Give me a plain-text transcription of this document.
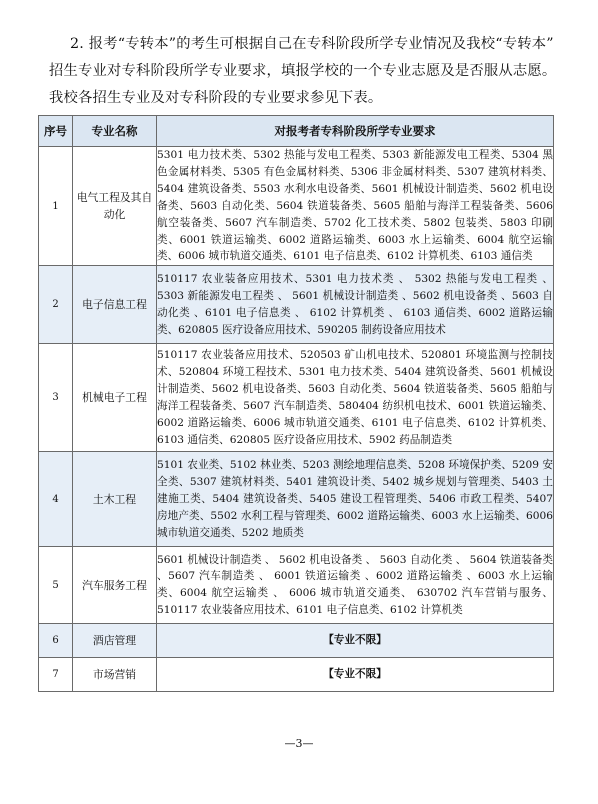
2. 报考“专转本”的考生可根据自己在专科阶段所学专业情况及我校“专转本”
招生专业对专科阶段所学专业要求，填报学校的一个专业志愿及是否服从志愿。
我校各招生专业及对专科阶段的专业要求参见下表。
序号	专业名称	对报考者专科阶段所学专业要求
1	电气工程及其自动化	5301 电力技术类、5302 热能与发电工程类、5303 新能源发电工程类、5304 黑色金属材料类、5305 有色金属材料类、5306 非金属材料类、5307 建筑材料类、5404 建筑设备类、5503 水利水电设备类、5601 机械设计制造类、5602 机电设备类、5603 自动化类、5604 铁道装备类、5605 船舶与海洋工程装备类、5606 航空装备类、5607 汽车制造类、5702 化工技术类、5802 包装类、5803 印刷类、6001 铁道运输类、6002 道路运输类、6003 水上运输类、6004 航空运输类、6006 城市轨道交通类、6101 电子信息类、6102 计算机类、6103 通信类
2	电子信息工程	510117 农业装备应用技术、5301 电力技术类 、 5302 热能与发电工程类 、 5303 新能源发电工程类 、 5601 机械设计制造类 、5602 机电设备类 、5603 自动化类 、6101 电子信息类 、 6102 计算机类 、 6103 通信类、6002 道路运输类、620805 医疗设备应用技术、590205 制药设备应用技术
3	机械电子工程	510117 农业装备应用技术、520503 矿山机电技术、520801 环境监测与控制技术、520804 环境工程技术、5301 电力技术类、5404 建筑设备类、5601 机械设计制造类、5602 机电设备类、5603 自动化类、5604 铁道装备类、5605 船舶与海洋工程装备类、5607 汽车制造类、580404 纺织机电技术、6001 铁道运输类、6002 道路运输类、6006 城市轨道交通类、6101 电子信息类、6102 计算机类、6103 通信类、620805 医疗设备应用技术、5902 药品制造类
4	土木工程	5101 农业类、5102 林业类、5203 测绘地理信息类、5208 环境保护类、5209 安全类、5307 建筑材料类、5401 建筑设计类、5402 城乡规划与管理类、5403 土建施工类、5404 建筑设备类、5405 建设工程管理类、5406 市政工程类、5407 房地产类、5502 水利工程与管理类、6002 道路运输类、6003 水上运输类、6006 城市轨道交通类、5202 地质类
5	汽车服务工程	5601 机械设计制造类 、 5602 机电设备类 、 5603 自动化类 、 5604 铁道装备类 、5607 汽车制造类 、 6001 铁道运输类 、6002 道路运输类 、6003 水上运输类、6004 航空运输类 、 6006 城市轨道交通类、 630702 汽车营销与服务、510117 农业装备应用技术、6101 电子信息类、6102 计算机类
6	酒店管理	【专业不限】
7	市场营销	【专业不限】
—3—
